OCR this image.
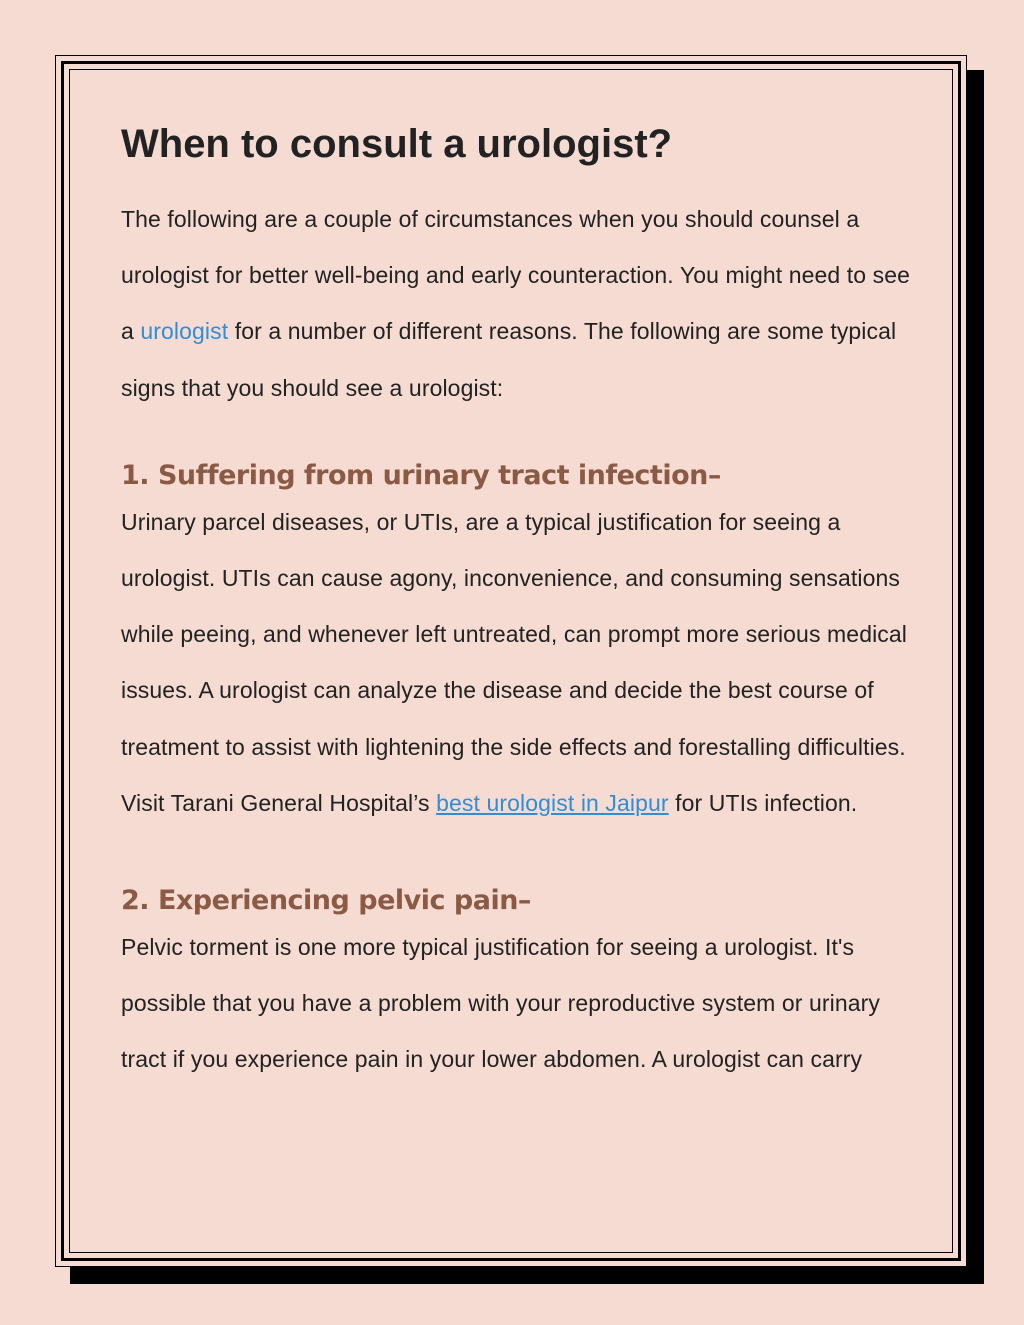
When to consult a urologist?

The following are a couple of circumstances when you should counsel a urologist for better well-being and early counteraction. You might need to see a urologist for a number of different reasons. The following are some typical signs that you should see a urologist:

1. Suffering from urinary tract infection–

Urinary parcel diseases, or UTIs, are a typical justification for seeing a urologist. UTIs can cause agony, inconvenience, and consuming sensations while peeing, and whenever left untreated, can prompt more serious medical issues. A urologist can analyze the disease and decide the best course of treatment to assist with lightening the side effects and forestalling difficulties. Visit Tarani General Hospital’s best urologist in Jaipur for UTIs infection.

2. Experiencing pelvic pain–

Pelvic torment is one more typical justification for seeing a urologist. It's possible that you have a problem with your reproductive system or urinary tract if you experience pain in your lower abdomen. A urologist can carry
